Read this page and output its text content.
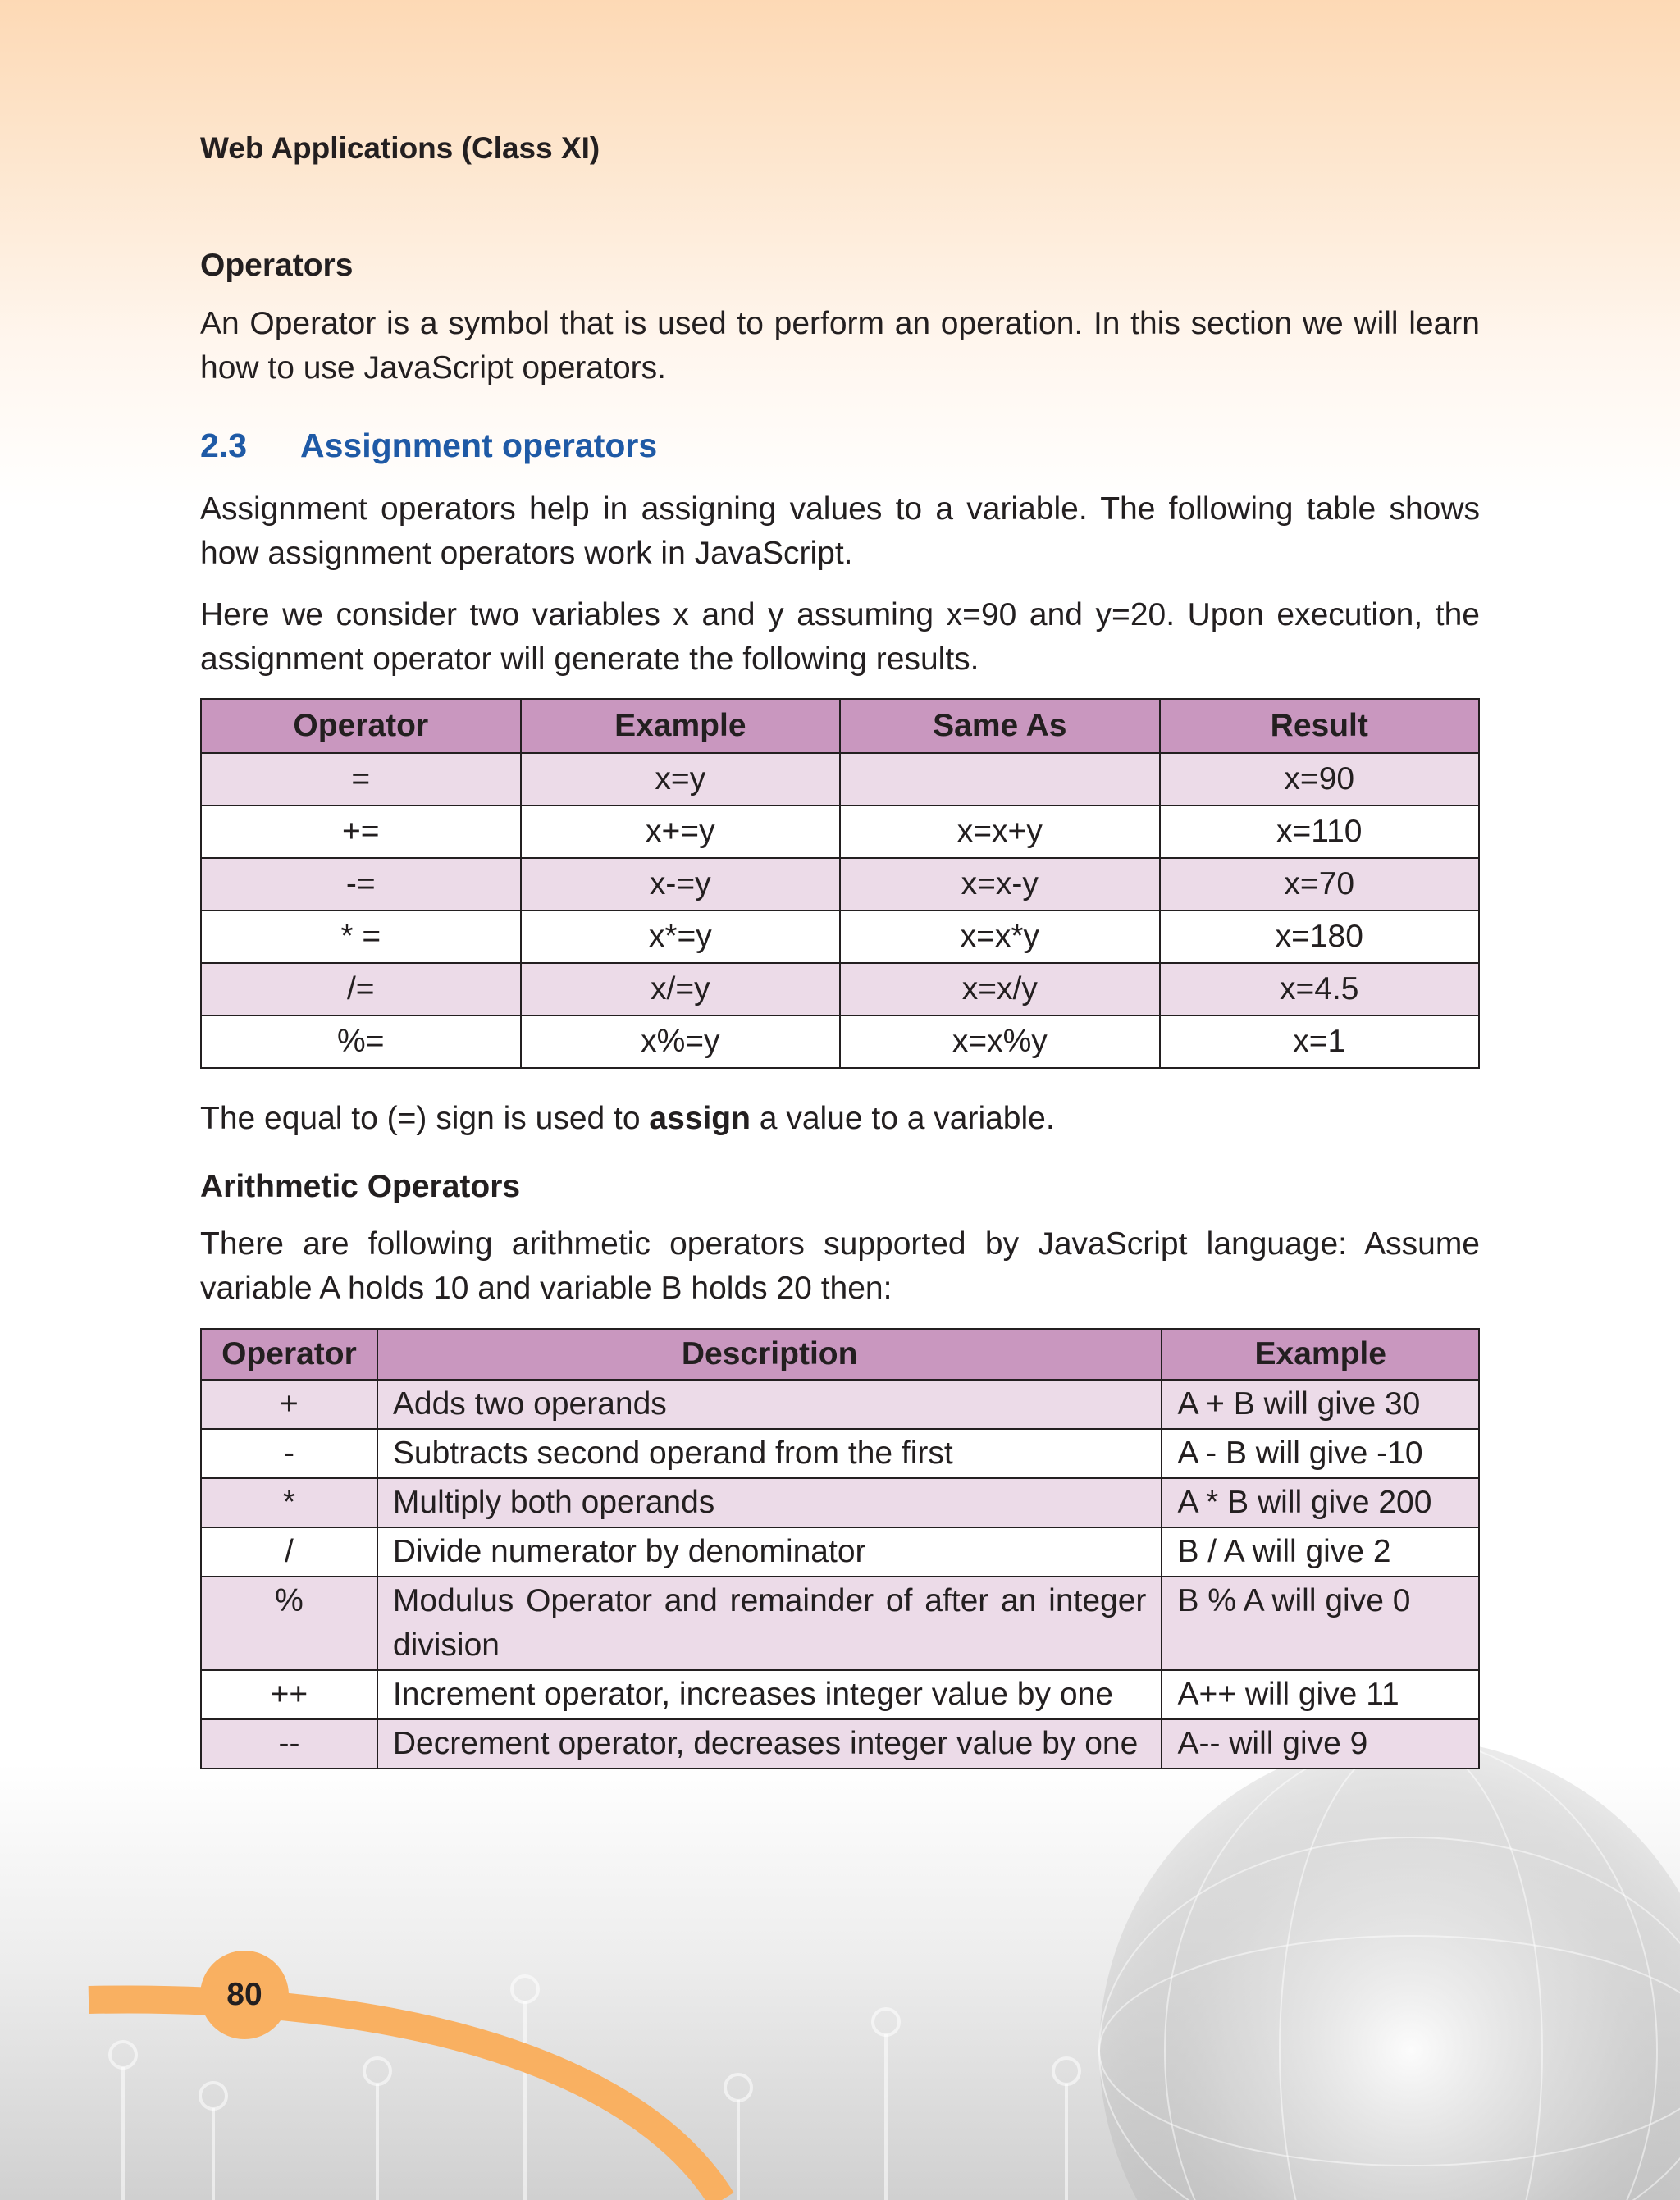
Web Applications (Class XI)
Operators
An Operator is a symbol that is used to perform an operation. In this section we will learn how to use JavaScript operators.
2.3 Assignment operators
Assignment operators help in assigning values to a variable. The following table shows how assignment operators work in JavaScript.
Here we consider two variables x and y assuming x=90 and y=20. Upon execution, the assignment operator will generate the following results.
Operator	Example	Same As	Result
=	x=y		x=90
+=	x+=y	x=x+y	x=110
-=	x-=y	x=x-y	x=70
* =	x*=y	x=x*y	x=180
/=	x/=y	x=x/y	x=4.5
%=	x%=y	x=x%y	x=1
The equal to (=) sign is used to assign a value to a variable.
Arithmetic Operators
There are following arithmetic operators supported by JavaScript language: Assume variable A holds 10 and variable B holds 20 then:
Operator	Description	Example
+	Adds two operands	A + B will give 30
-	Subtracts second operand from the first	A - B will give -10
*	Multiply both operands	A * B will give 200
/	Divide numerator by denominator	B / A will give 2
%	Modulus Operator and remainder of after an integer division	B % A will give 0
++	Increment operator, increases integer value by one	A++ will give 11
--	Decrement operator, decreases integer value by one	A-- will give 9
80
